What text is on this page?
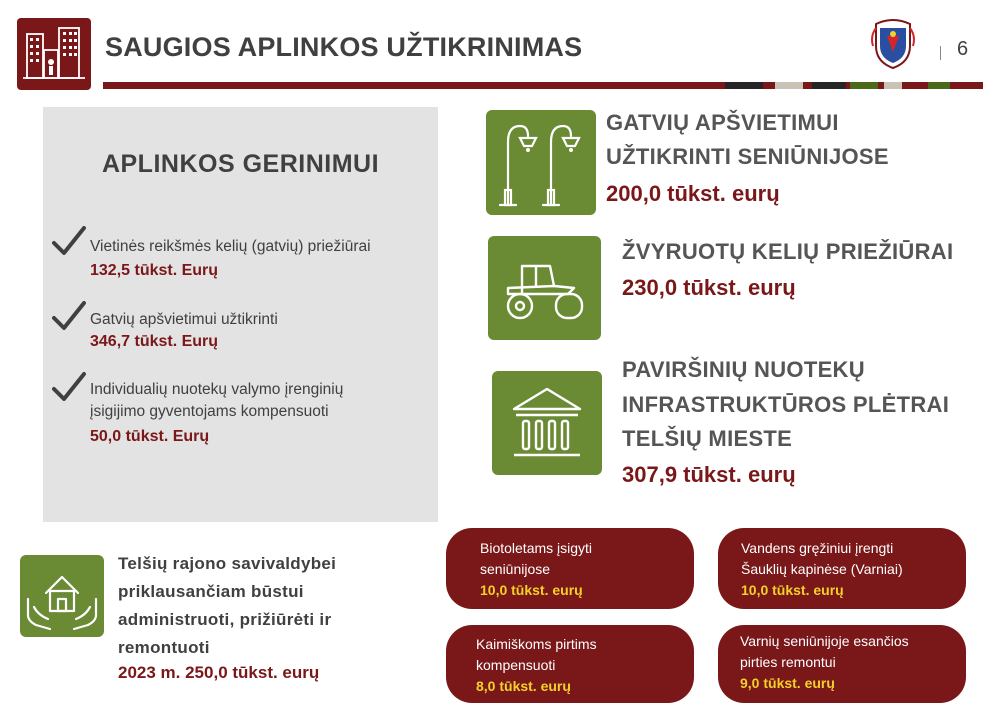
SAUGIOS APLINKOS UŽTIKRINIMAS	6
APLINKOS GERINIMUI
Vietinės reikšmės kelių (gatvių) priežiūrai
132,5 tūkst. Eurų
Gatvių apšvietimui užtikrinti
346,7 tūkst. Eurų
Individualių nuotekų valymo įrenginių
įsigijimo gyventojams kompensuoti
50,0 tūkst. Eurų
GATVIŲ APŠVIETIMUI
UŽTIKRINTI SENIŪNIJOSE
200,0 tūkst. eurų
ŽVYRUOTŲ KELIŲ PRIEŽIŪRAI
230,0 tūkst. eurų
PAVIRŠINIŲ NUOTEKŲ
INFRASTRUKTŪROS PLĖTRAI
TELŠIŲ MIESTE
307,9 tūkst. eurų
Telšių rajono savivaldybei
priklausančiam būstui
administruoti, prižiūrėti ir
remontuoti
2023 m. 250,0 tūkst. eurų
Biotoletams įsigyti
seniūnijose
10,0 tūkst. eurų
Vandens gręžiniui įrengti
Šauklių kapinėse (Varniai)
10,0 tūkst. eurų
Kaimiškoms pirtims
kompensuoti
8,0 tūkst. eurų
Varnių seniūnijoje esančios
pirties remontui
9,0 tūkst. eurų
